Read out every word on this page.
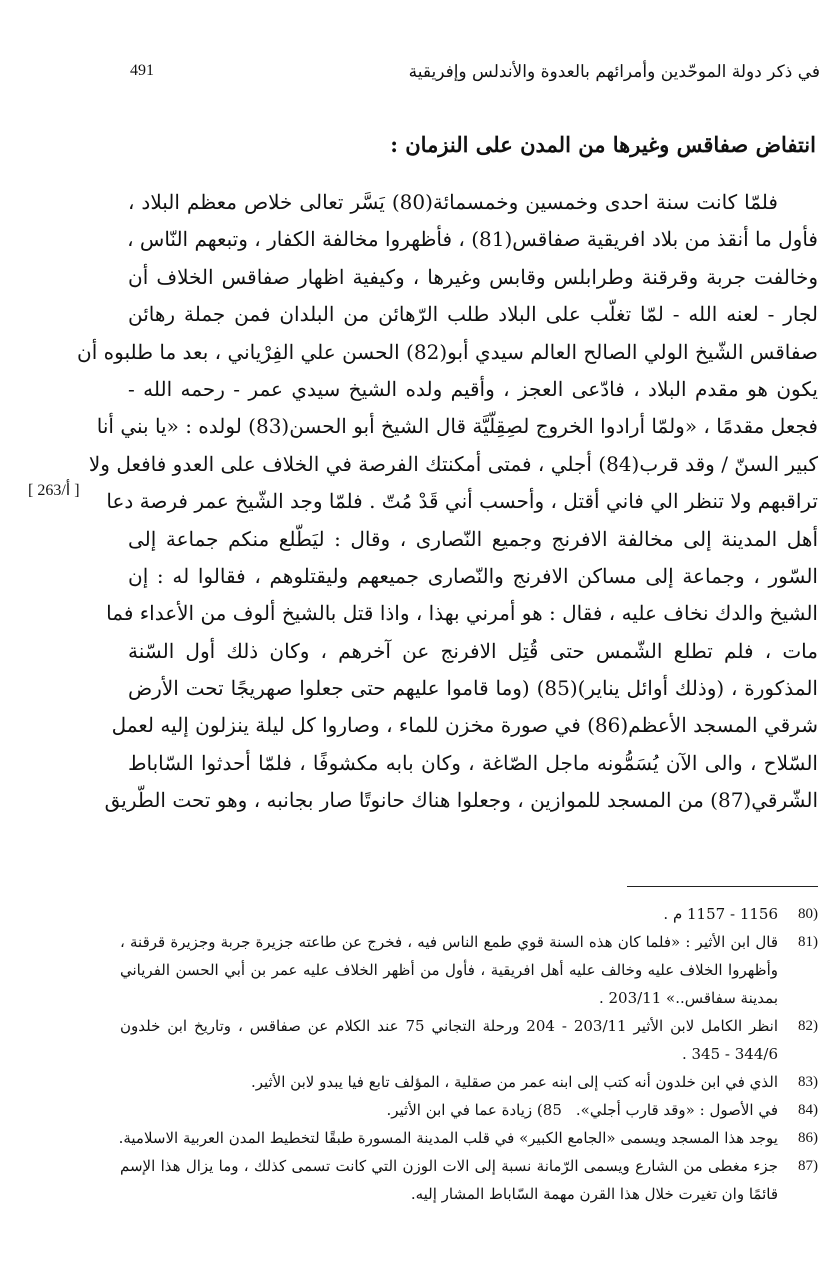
491	في ذكر دولة الموحّدين وأمرائهم بالعدوة والأندلس وإفريقية
انتفاض صفاقس وغيرها من المدن على النزمان :
فلمّا كانت سنة احدى وخمسين وخمسمائة(80) يَسَّر تعالى خلاص معظم البلاد ،
فأول ما أنقذ من بلاد افريقية صفاقس(81) ، فأظهروا مخالفة الكفار ، وتبعهم النّاس ،
وخالفت جربة وقرقنة وطرابلس وقابس وغيرها ، وكيفية اظهار صفاقس الخلاف أن
لجار - لعنه الله - لمّا تغلّب على البلاد طلب الرّهائن من البلدان فمن جملة رهائن
صفاقس الشّيخ الولي الصالح العالم سيدي أبو(82) الحسن علي الفِرْياني ، بعد ما طلبوه أن
يكون هو مقدم البلاد ، فادّعى العجز ، وأقيم ولده الشيخ سيدي عمر - رحمه الله -
فجعل مقدمًا ، «ولمّا أرادوا الخروج لصِقِلّيَّة قال الشيخ أبو الحسن(83) لولده : «يا بني أنا
كبير السنّ / وقد قرب(84) أجلي ، فمتى أمكنتك الفرصة في الخلاف على العدو فافعل ولا
تراقبهم ولا تنظر الي فاني أقتل ، وأحسب أني قَدْ مُتّ . فلمّا وجد الشّيخ عمر فرصة دعا
أهل المدينة إلى مخالفة الافرنج وجميع النّصارى ، وقال : ليَطّلع منكم جماعة إلى
السّور ، وجماعة إلى مساكن الافرنج والنّصارى جميعهم وليقتلوهم ، فقالوا له : إن
الشيخ والدك نخاف عليه ، فقال : هو أمرني بهذا ، واذا قتل بالشيخ ألوف من الأعداء فما
مات ، فلم تطلع الشّمس حتى قُتِل الافرنج عن آخرهم ، وكان ذلك أول السّنة
المذكورة ، (وذلك أوائل يناير)(85) (وما قاموا عليهم حتى جعلوا صهريجًا تحت الأرض
شرقي المسجد الأعظم(86) في صورة مخزن للماء ، وصاروا كل ليلة ينزلون إليه لعمل
السّلاح ، والى الآن يُسَمُّونه ماجل الصّاغة ، وكان بابه مكشوفًا ، فلمّا أحدثوا السّاباط
الشّرقي(87) من المسجد للموازين ، وجعلوا هناك حانوتًا صار بجانبه ، وهو تحت الطّريق
[ 263/أ ]
(80
1156 - 1157 م .
(81
قال ابن الأثير : «فلما كان هذه السنة قوي طمع الناس فيه ، فخرج عن طاعته جزيرة جربة وجزيرة قرقنة ،
وأظهروا الخلاف عليه وخالف عليه أهل افريقية ، فأول من أظهر الخلاف عليه عمر بن أبي الحسن الفرياني
بمدينة سفاقس..» 203/11 .
(82
انظر الكامل لابن الأثير 203/11 - 204 ورحلة التجاني 75 عند الكلام عن صفاقس ، وتاريخ ابن خلدون
344/6 - 345 .
(83
الذي في ابن خلدون أنه كتب إلى ابنه عمر من صقلية ، المؤلف تابع فيا يبدو لابن الأثير.
(84
في الأصول : «وقد قارب أجلي».
85) زيادة عما في ابن الأثير.
(86
يوجد هذا المسجد ويسمى «الجامع الكبير» في قلب المدينة المسورة طبقًا لتخطيط المدن العربية الاسلامية.
(87
جزء مغطى من الشارع ويسمى الرّمانة نسبة إلى الات الوزن التي كانت تسمى كذلك ، وما يزال هذا الإسم
قائمًا وان تغيرت خلال هذا القرن مهمة السّاباط المشار إليه.
